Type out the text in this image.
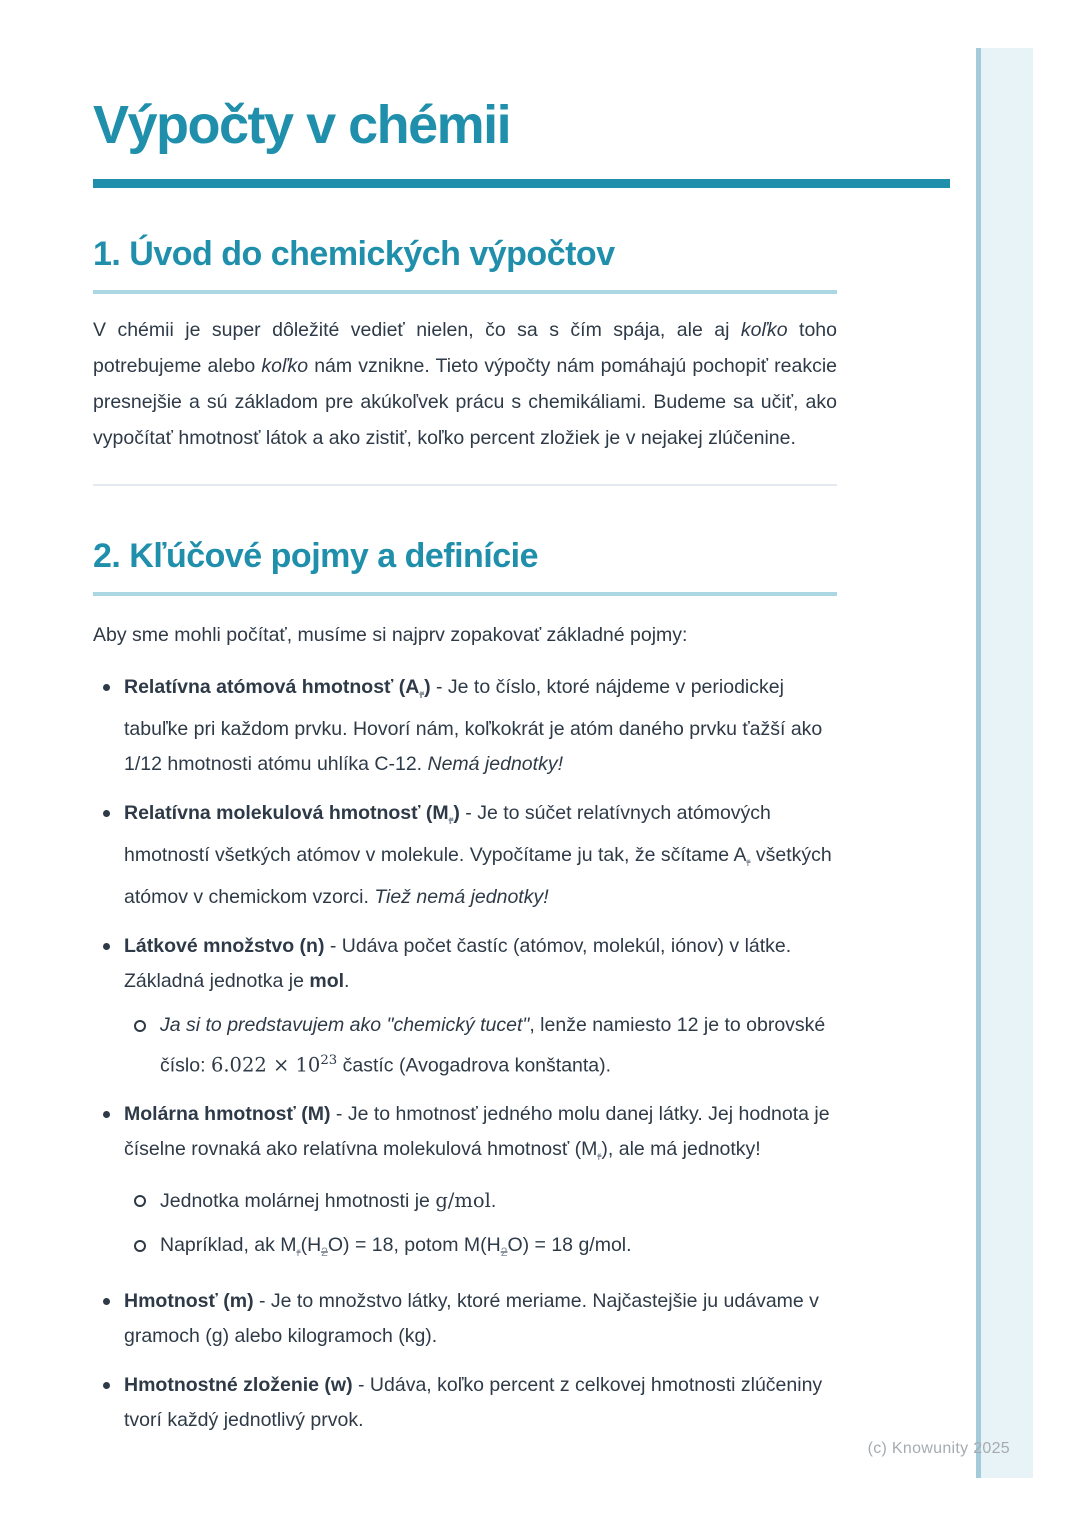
Výpočty v chémii
1. Úvod do chemických výpočtov

V chémii je super dôležité vedieť nielen, čo sa s čím spája, ale aj koľko toho potrebujeme alebo koľko nám vznikne. Tieto výpočty nám pomáhajú pochopiť reakcie presnejšie a sú základom pre akúkoľvek prácu s chemikáliami. Budeme sa učiť, ako vypočítať hmotnosť látok a ako zistiť, koľko percent zložiek je v nejakej zlúčenine.

2. Kľúčové pojmy a definície

Aby sme mohli počítať, musíme si najprv zopakovať základné pojmy:

Relatívna atómová hmotnosť $(A_r)$ - Je to číslo, ktoré nájdeme v periodickej tabuľke pri každom prvku. Hovorí nám, koľkokrát je atóm daného prvku ťažší ako 1/12 hmotnosti atómu uhlíka C-12. Nemá jednotky!
Relatívna molekulová hmotnosť $(M_r)$ - Je to súčet relatívnych atómových hmotností všetkých atómov v molekule. Vypočítame ju tak, že sčítame $A_r$ všetkých atómov v chemickom vzorci. Tiež nemá jednotky!
Látkové množstvo (n) - Udáva počet častíc (atómov, molekúl, iónov) v látke. Základná jednotka je mol.
Ja si to predstavujem ako "chemický tucet", lenže namiesto 12 je to obrovské číslo: $6.022 \times 10^{23}$ častíc (Avogadrova konštanta).
Molárna hmotnosť (M) - Je to hmotnosť jedného molu danej látky. Jej hodnota je číselne rovnaká ako relatívna molekulová hmotnosť $(M_r)$, ale má jednotky!
Jednotka molárnej hmotnosti je g/mol.
Napríklad, ak $M_r(H_2O) = 18$, potom $M(H_2O) = 18$ g/mol.
Hmotnosť (m) - Je to množstvo látky, ktoré meriame. Najčastejšie ju udávame v gramoch (g) alebo kilogramoch (kg).
Hmotnostné zloženie (w) - Udáva, koľko percent z celkovej hmotnosti zlúčeniny tvorí každý jednotlivý prvok.
(c) Knowunity 2025
